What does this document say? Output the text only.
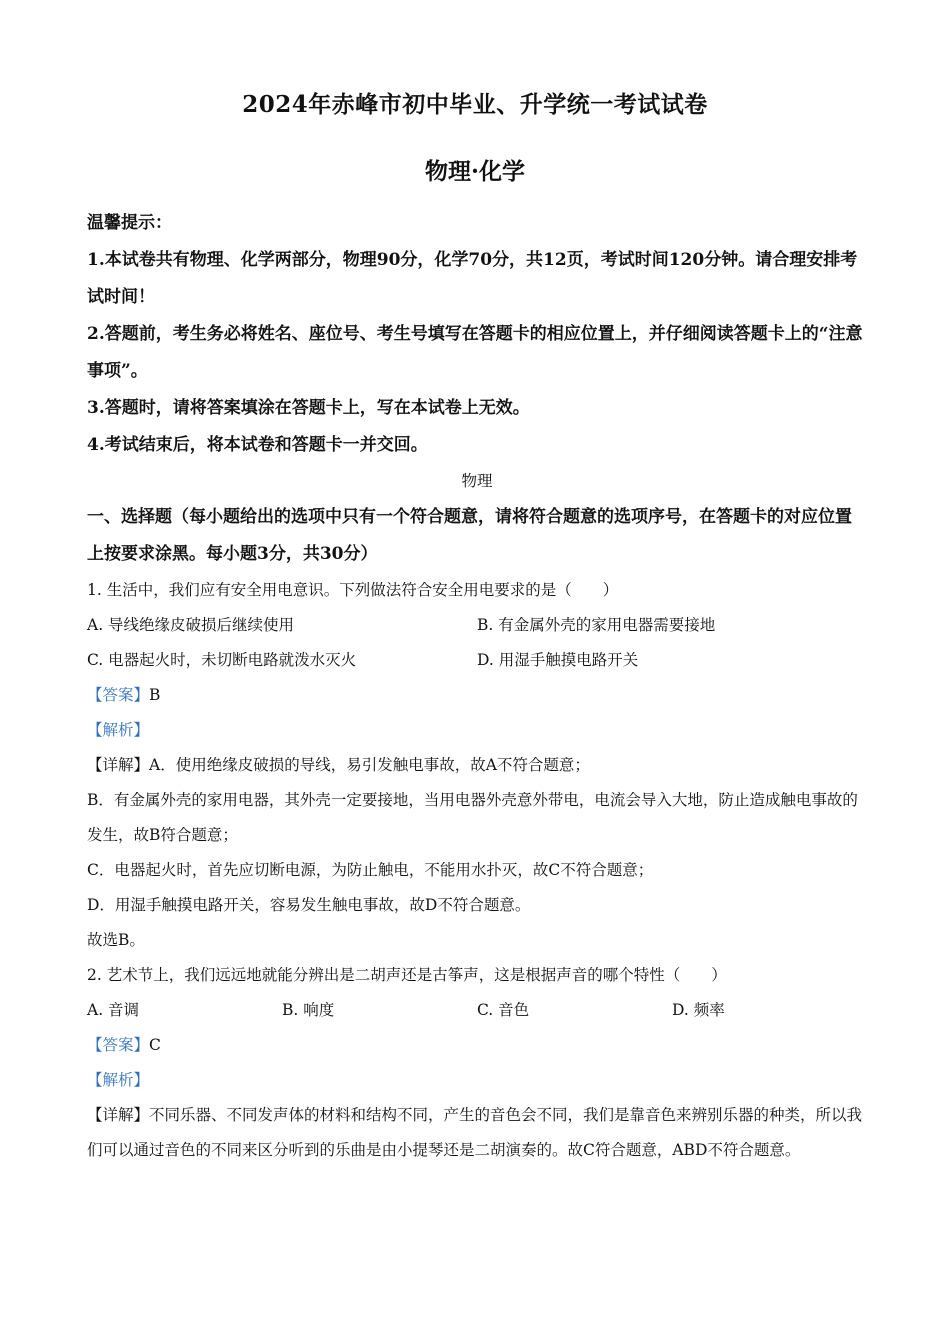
2024年赤峰市初中毕业、升学统一考试试卷
物理·化学
温馨提示：
1.本试卷共有物理、化学两部分，物理90分，化学70分，共12页，考试时间120分钟。请合理安排考试时间！
2.答题前，考生务必将姓名、座位号、考生号填写在答题卡的相应位置上，并仔细阅读答题卡上的“注意事项”。
3.答题时，请将答案填涂在答题卡上，写在本试卷上无效。
4.考试结束后，将本试卷和答题卡一并交回。
物理
一、选择题（每小题给出的选项中只有一个符合题意，请将符合题意的选项序号，在答题卡的对应位置上按要求涂黑。每小题3分，共30分）
1. 生活中，我们应有安全用电意识。下列做法符合安全用电要求的是（　　）
A. 导线绝缘皮破损后继续使用	B. 有金属外壳的家用电器需要接地
C. 电器起火时，未切断电路就泼水灭火	D. 用湿手触摸电路开关
【答案】B
【解析】
【详解】A．使用绝缘皮破损的导线，易引发触电事故，故A不符合题意；
B．有金属外壳的家用电器，其外壳一定要接地，当用电器外壳意外带电，电流会导入大地，防止造成触电事故的发生，故B符合题意；
C．电器起火时，首先应切断电源，为防止触电，不能用水扑灭，故C不符合题意；
D．用湿手触摸电路开关，容易发生触电事故，故D不符合题意。
故选B。
2. 艺术节上，我们远远地就能分辨出是二胡声还是古筝声，这是根据声音的哪个特性（　　）
A. 音调	B. 响度	C. 音色	D. 频率
【答案】C
【解析】
【详解】不同乐器、不同发声体的材料和结构不同，产生的音色会不同，我们是靠音色来辨别乐器的种类，所以我们可以通过音色的不同来区分听到的乐曲是由小提琴还是二胡演奏的。故C符合题意，ABD不符合题意。
